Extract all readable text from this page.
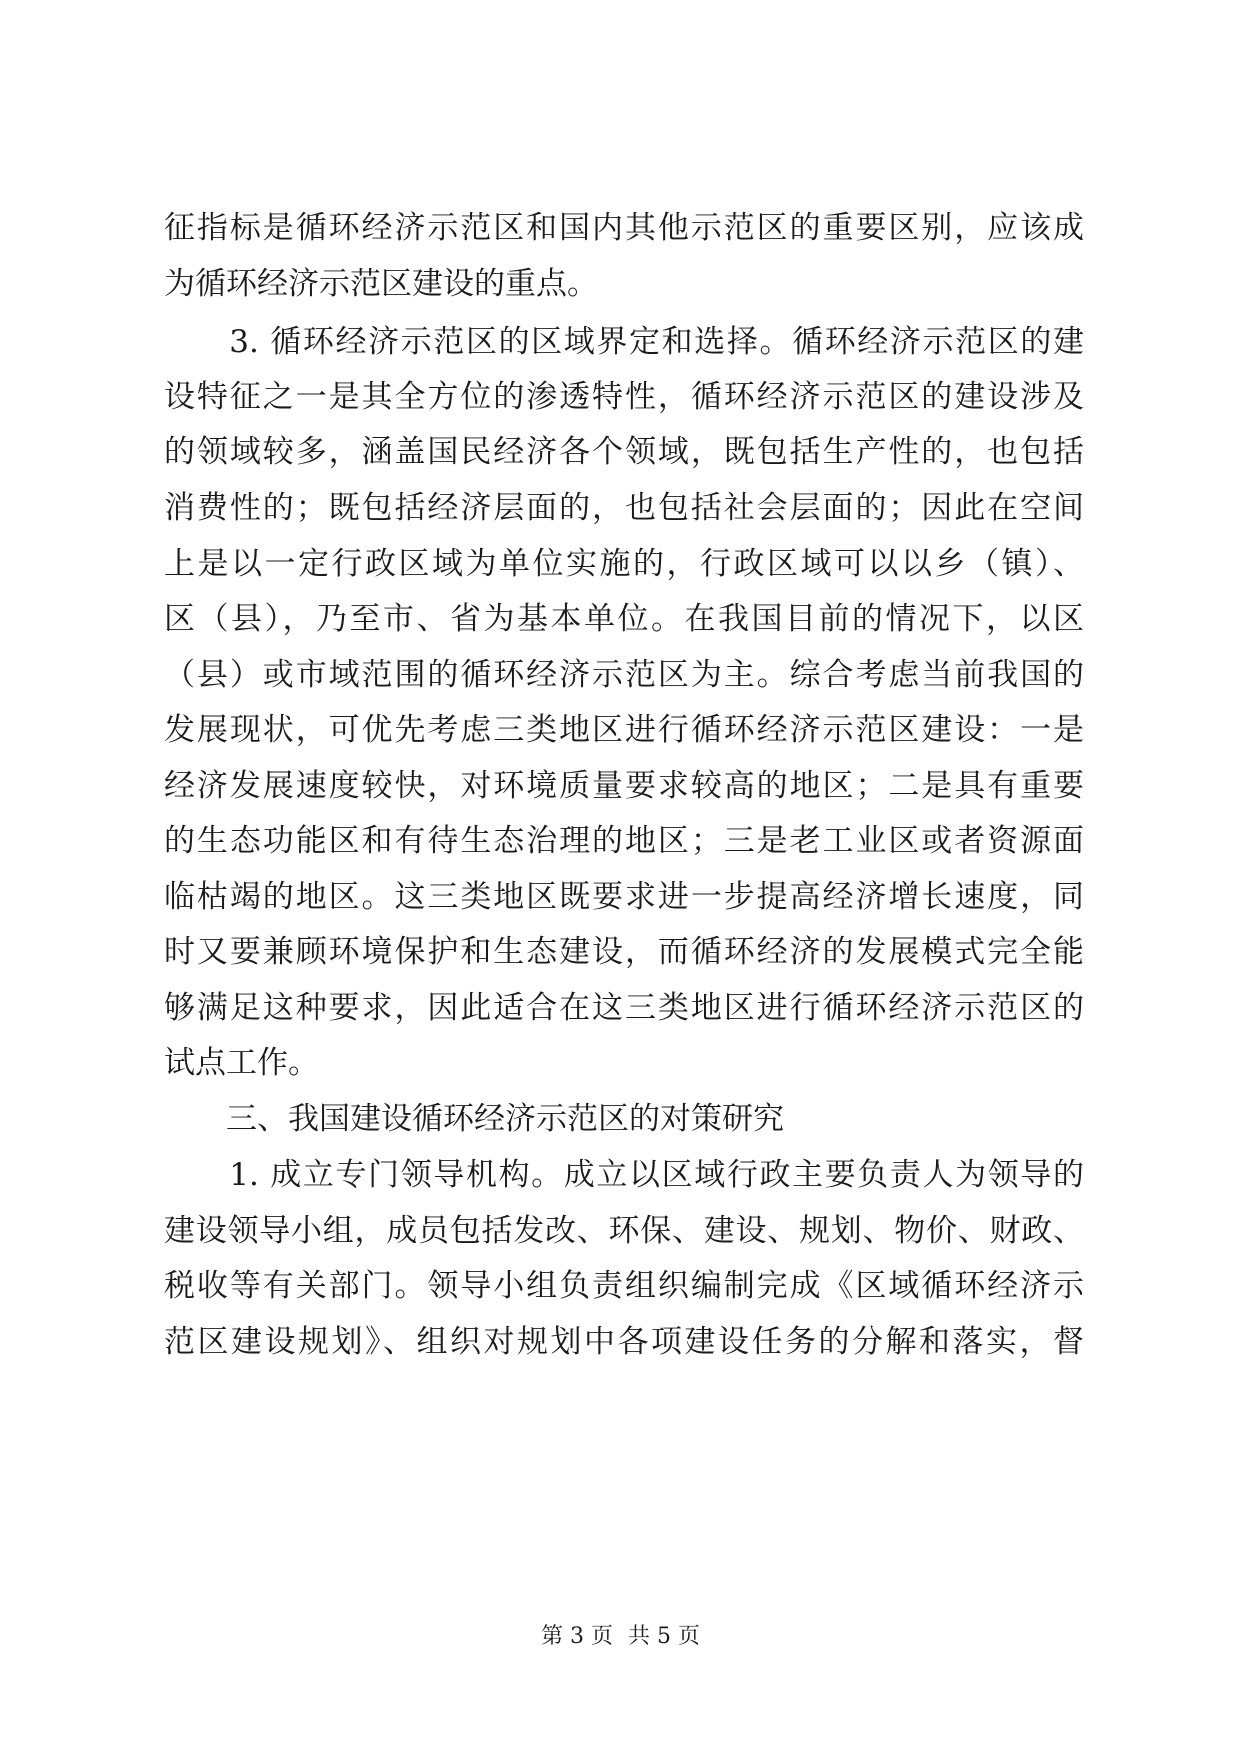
征指标是循环经济示范区和国内其他示范区的重要区别，应该成
为循环经济示范区建设的重点。
　　3. 循环经济示范区的区域界定和选择。循环经济示范区的建
设特征之一是其全方位的渗透特性，循环经济示范区的建设涉及
的领域较多，涵盖国民经济各个领域，既包括生产性的，也包括
消费性的；既包括经济层面的，也包括社会层面的；因此在空间
上是以一定行政区域为单位实施的，行政区域可以以乡（镇）、
区（县），乃至市、省为基本单位。在我国目前的情况下，以区
（县）或市域范围的循环经济示范区为主。综合考虑当前我国的
发展现状，可优先考虑三类地区进行循环经济示范区建设：一是
经济发展速度较快，对环境质量要求较高的地区；二是具有重要
的生态功能区和有待生态治理的地区；三是老工业区或者资源面
临枯竭的地区。这三类地区既要求进一步提高经济增长速度，同
时又要兼顾环境保护和生态建设，而循环经济的发展模式完全能
够满足这种要求，因此适合在这三类地区进行循环经济示范区的
试点工作。
　　三、我国建设循环经济示范区的对策研究
　　1. 成立专门领导机构。成立以区域行政主要负责人为领导的
建设领导小组，成员包括发改、环保、建设、规划、物价、财政、
税收等有关部门。领导小组负责组织编制完成《区域循环经济示
范区建设规划》、组织对规划中各项建设任务的分解和落实，督
第 3 页 共 5 页
